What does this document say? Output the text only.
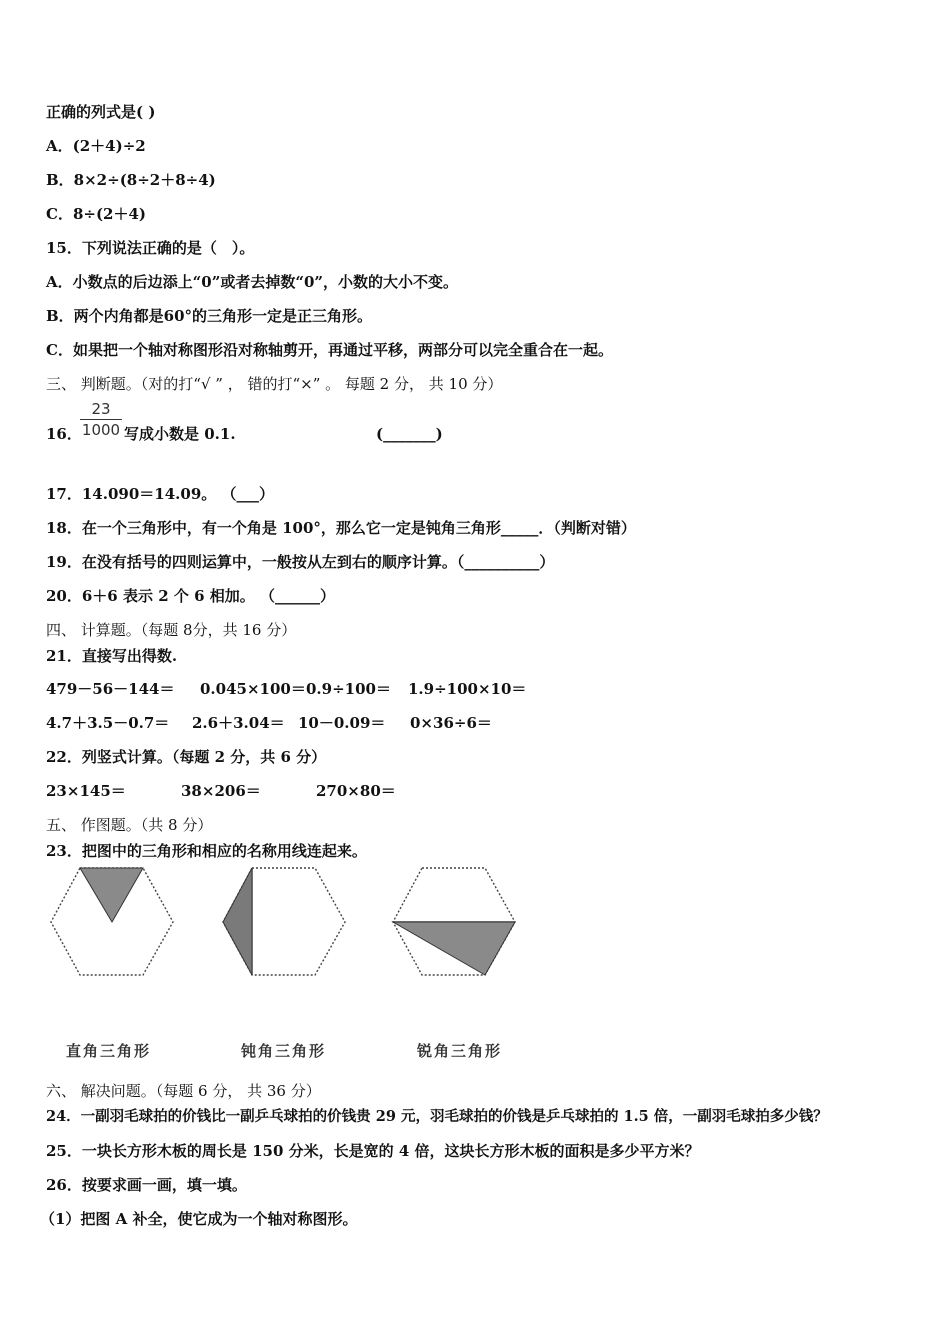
正确的列式是( )
A．(2＋4)÷2
B．8×2÷(8÷2＋8÷4)
C．8÷(2＋4)
15．下列说法正确的是（　）。
A．小数点的后边添上“0”或者去掉数“0”，小数的大小不变。
B．两个内角都是60°的三角形一定是正三角形。
C．如果把一个轴对称图形沿对称轴剪开，再通过平移，两部分可以完全重合在一起。
三、 判断题。（对的打“√ ” ， 错的打“×” 。 每题 2 分， 共 10 分）
16．
23
1000 写成小数是 0.1.	(_______)
17．14.090＝14.09。 （___）
18．在一个三角形中，有一个角是 100°，那么它一定是钝角三角形_____．（判断对错）
19．在没有括号的四则运算中，一般按从左到右的顺序计算。（__________）
20．6＋6 表示 2 个 6 相加。 （______）
四、 计算题。（每题 8分，共 16 分）
21．直接写出得数.
479－56－144＝ 0.045×100＝ 0.9÷100＝ 1.9÷100×10＝
4.7＋3.5－0.7＝ 2.6＋3.04＝ 10－0.09＝ 0×36÷6＝
22．列竖式计算。（每题 2 分，共 6 分）
23×145＝	38×206＝	270×80＝
五、 作图题。（共 8 分）
23．把图中的三角形和相应的名称用线连起来。
直角三角形	钝角三角形	锐角三角形
六、 解决问题。（每题 6 分， 共 36 分）
24．一副羽毛球拍的价钱比一副乒乓球拍的价钱贵 29 元，羽毛球拍的价钱是乒乓球拍的 1.5 倍，一副羽毛球拍多少钱？
25．一块长方形木板的周长是 150 分米，长是宽的 4 倍，这块长方形木板的面积是多少平方米？
26．按要求画一画，填一填。
（1）把图 A 补全，使它成为一个轴对称图形。
